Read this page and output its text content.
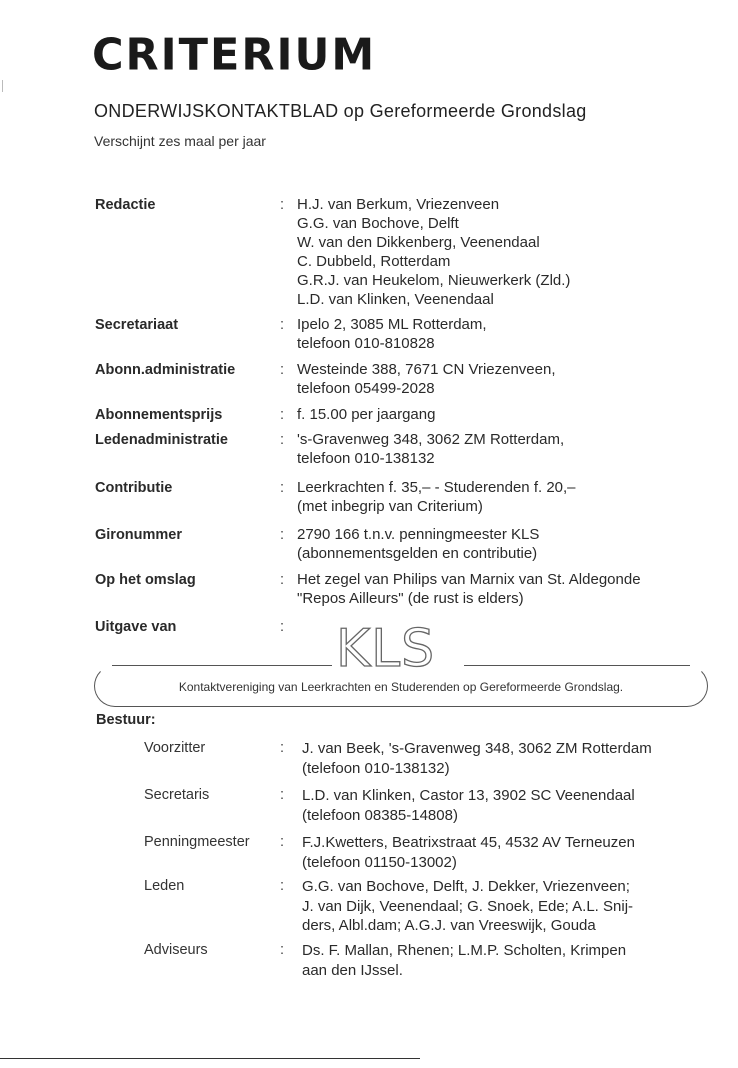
CRITERIUM
ONDERWIJSKONTAKTBLAD op Gereformeerde Grondslag
Verschijnt zes maal per jaar
Redactie	: H.J. van Berkum, Vriezenveen
G.G. van Bochove, Delft
W. van den Dikkenberg, Veenendaal
C. Dubbeld, Rotterdam
G.R.J. van Heukelom, Nieuwerkerk (Zld.)
L.D. van Klinken, Veenendaal
Secretariaat	: Ipelo 2, 3085 ML Rotterdam,
telefoon 010-810828
Abonn.administratie	: Westeinde 388, 7671 CN Vriezenveen,
telefoon 05499-2028
Abonnementsprijs	: f. 15.00 per jaargang
Ledenadministratie	: 's-Gravenweg 348, 3062 ZM Rotterdam,
telefoon 010-138132
Contributie	: Leerkrachten f. 35,– - Studerenden f. 20,–
(met inbegrip van Criterium)
Gironummer	: 2790 166 t.n.v. penningmeester KLS
(abonnementsgelden en contributie)
Op het omslag	: Het zegel van Philips van Marnix van St. Aldegonde
"Repos Ailleurs" (de rust is elders)
Uitgave van	: KLS
Kontaktvereniging van Leerkrachten en Studerenden op Gereformeerde Grondslag.
Bestuur:
Voorzitter	:	J. van Beek, 's-Gravenweg 348, 3062 ZM Rotterdam
(telefoon 010-138132)
Secretaris	:	L.D. van Klinken, Castor 13, 3902 SC Veenendaal
(telefoon 08385-14808)
Penningmeester	:	F.J.Kwetters, Beatrixstraat 45, 4532 AV Terneuzen
(telefoon 01150-13002)
Leden	:	G.G. van Bochove, Delft, J. Dekker, Vriezenveen;
J. van Dijk, Veenendaal; G. Snoek, Ede; A.L. Snij-
ders, Albl.dam; A.G.J. van Vreeswijk, Gouda
Adviseurs	:	Ds. F. Mallan, Rhenen; L.M.P. Scholten, Krimpen
aan den IJssel.
